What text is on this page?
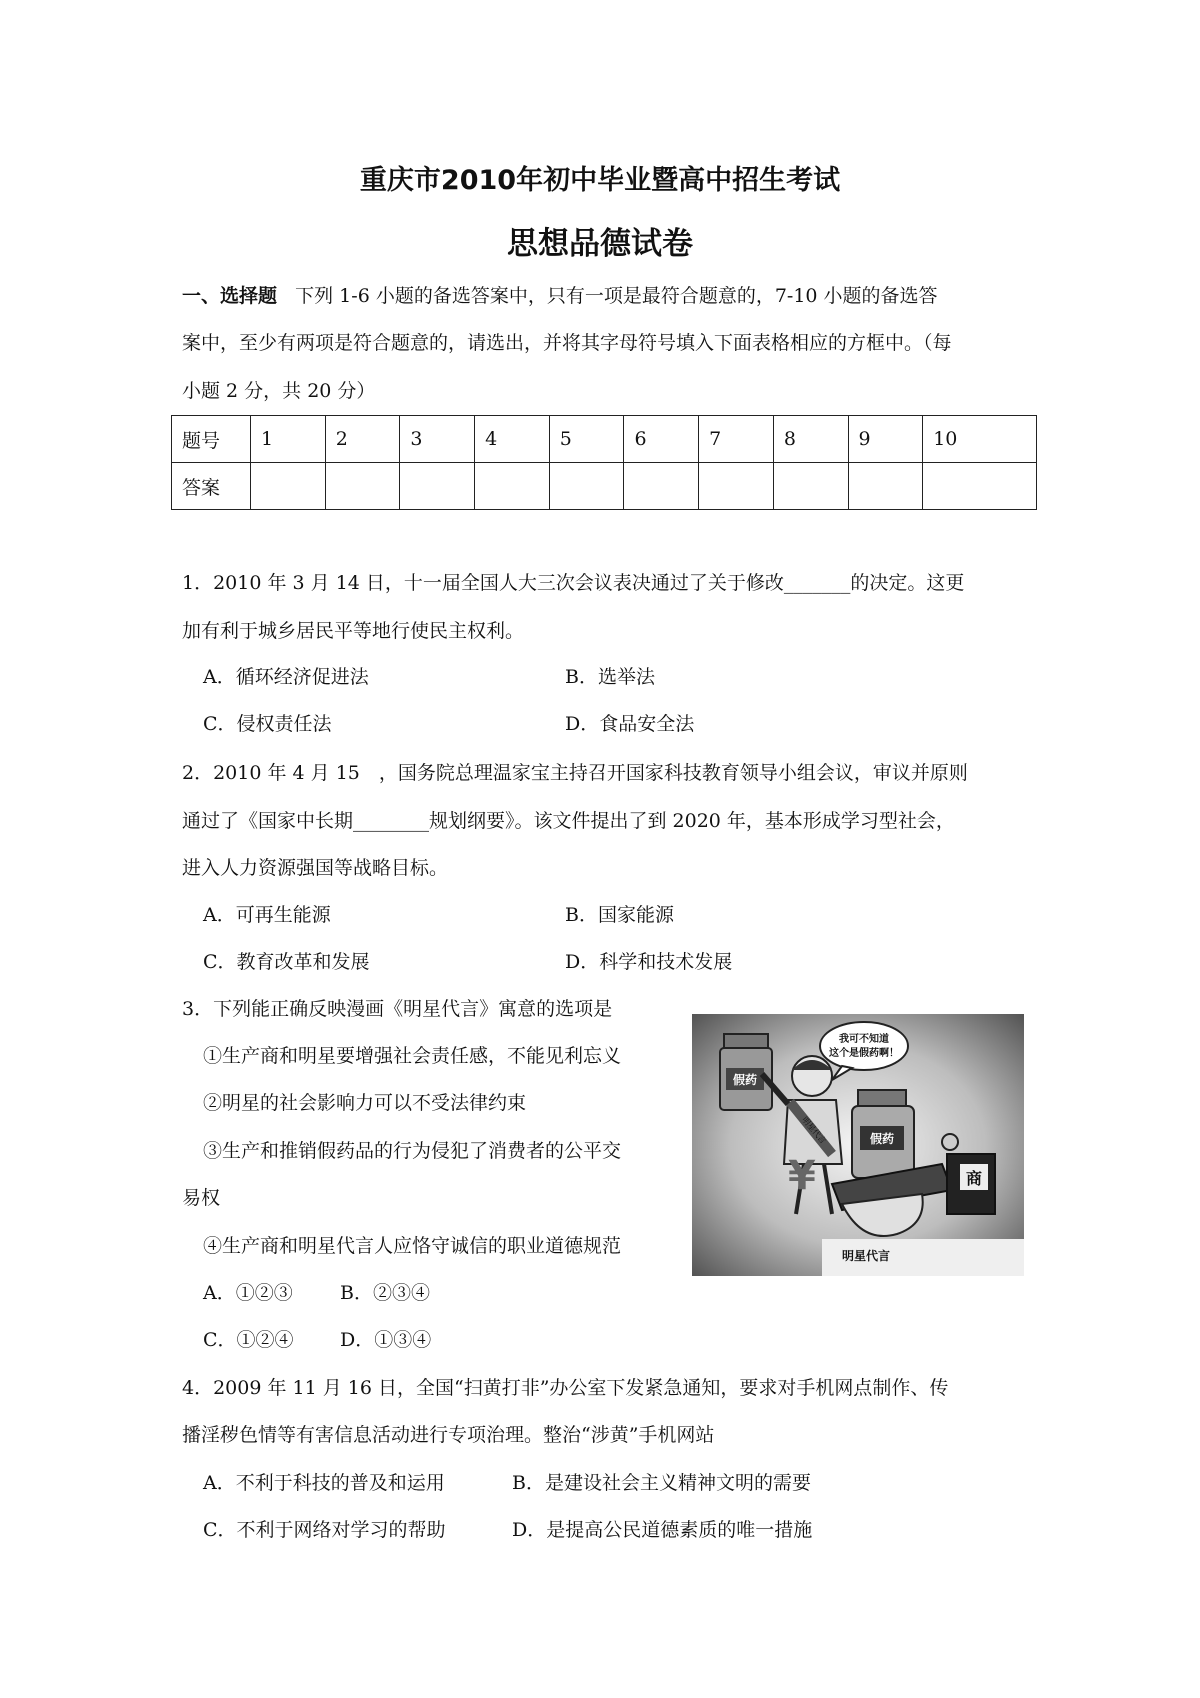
重庆市2010年初中毕业暨高中招生考试
思想品德试卷
一、选择题 下列 1-6 小题的备选答案中，只有一项是最符合题意的，7-10 小题的备选答
案中，至少有两项是符合题意的，请选出，并将其字母符号填入下面表格相应的方框中。（每
小题 2 分，共 20 分）
题号	1	2	3	4	5	6	7	8	9	10
答案										
1．2010 年 3 月 14 日，十一届全国人大三次会议表决通过了关于修改_______的决定。这更
加有利于城乡居民平等地行使民主权利。
A．循环经济促进法	B．选举法
C．侵权责任法	D．食品安全法
2．2010 年 4 月 15　，国务院总理温家宝主持召开国家科技教育领导小组会议，审议并原则
通过了《国家中长期________规划纲要》。该文件提出了到 2020 年，基本形成学习型社会，
进入人力资源强国等战略目标。
A．可再生能源	B．国家能源
C．教育改革和发展	D．科学和技术发展
3．下列能正确反映漫画《明星代言》寓意的选项是
①生产商和明星要增强社会责任感，不能见利忘义
②明星的社会影响力可以不受法律约束
③生产和推销假药品的行为侵犯了消费者的公平交
易权
④生产商和明星代言人应恪守诚信的职业道德规范
A．①②③ B．②③④
C．①②④ D．①③④
我可不知道
这个是假药啊！
假药
明星代言
¥
假药
商
明星代言
4．2009 年 11 月 16 日，全国“扫黄打非”办公室下发紧急通知，要求对手机网点制作、传
播淫秽色情等有害信息活动进行专项治理。整治“涉黄”手机网站
A．不利于科技的普及和运用	B．是建设社会主义精神文明的需要
C．不利于网络对学习的帮助	D．是提高公民道德素质的唯一措施
